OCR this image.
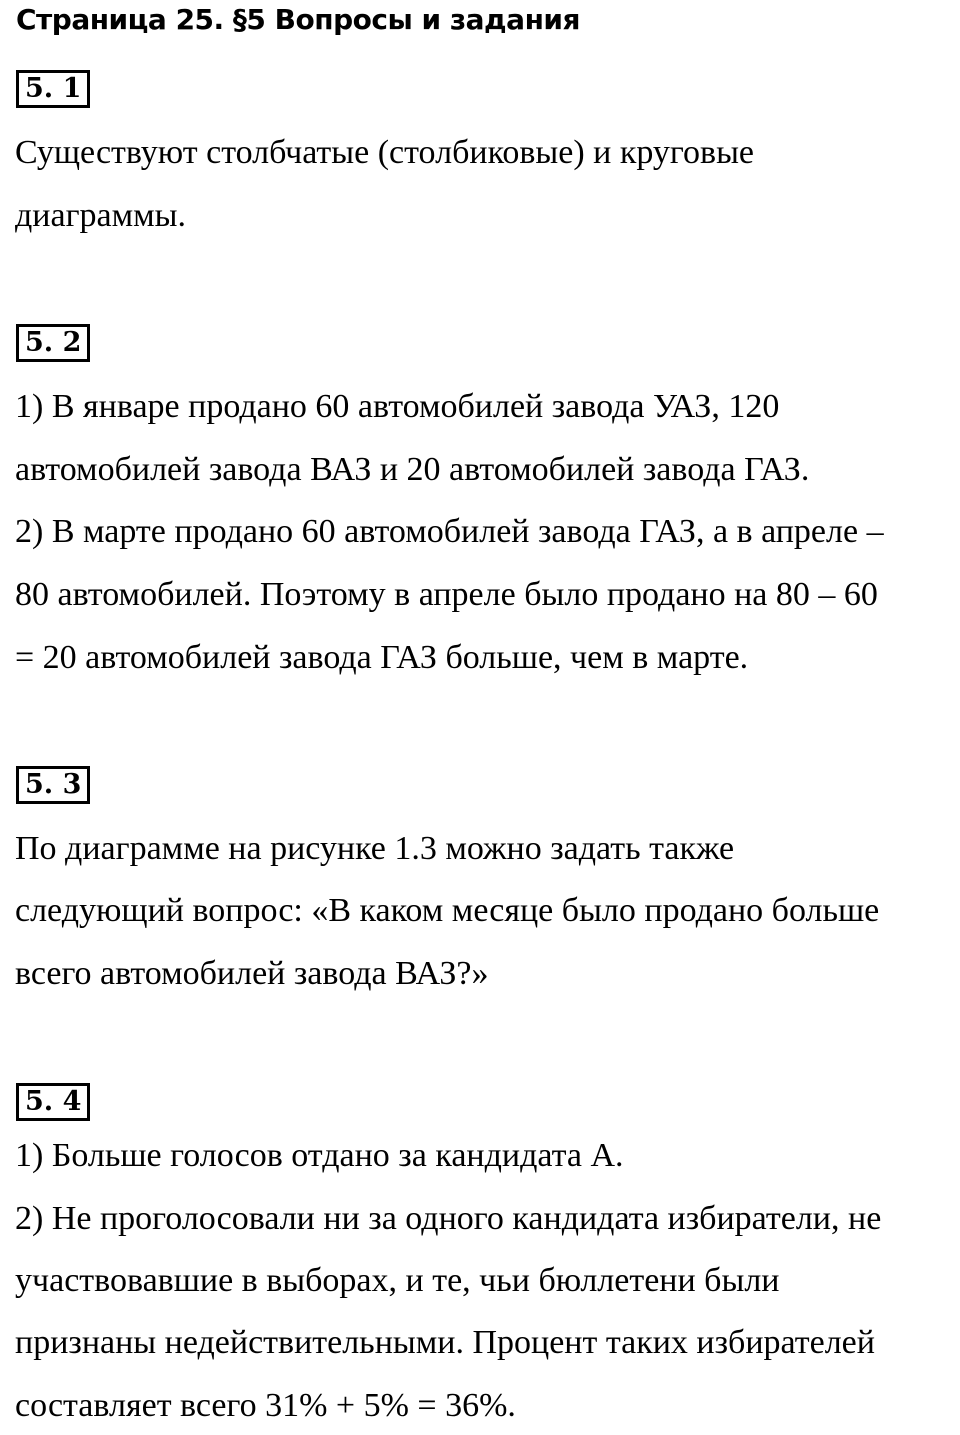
Страница 25. §5 Вопросы и задания
5. 1
Существуют столбчатые (столбиковые) и круговые
диаграммы.
5. 2
1) В январе продано 60 автомобилей завода УАЗ, 120
автомобилей завода ВАЗ и 20 автомобилей завода ГАЗ.
2) В марте продано 60 автомобилей завода ГАЗ, а в апреле –
80 автомобилей. Поэтому в апреле было продано на 80 – 60
= 20 автомобилей завода ГАЗ больше, чем в марте.
5. 3
По диаграмме на рисунке 1.3 можно задать также
следующий вопрос: «В каком месяце было продано больше
всего автомобилей завода ВАЗ?»
5. 4
1) Больше голосов отдано за кандидата А.
2) Не проголосовали ни за одного кандидата избиратели, не
участвовавшие в выборах, и те, чьи бюллетени были
признаны недействительными. Процент таких избирателей
составляет всего 31% + 5% = 36%.
